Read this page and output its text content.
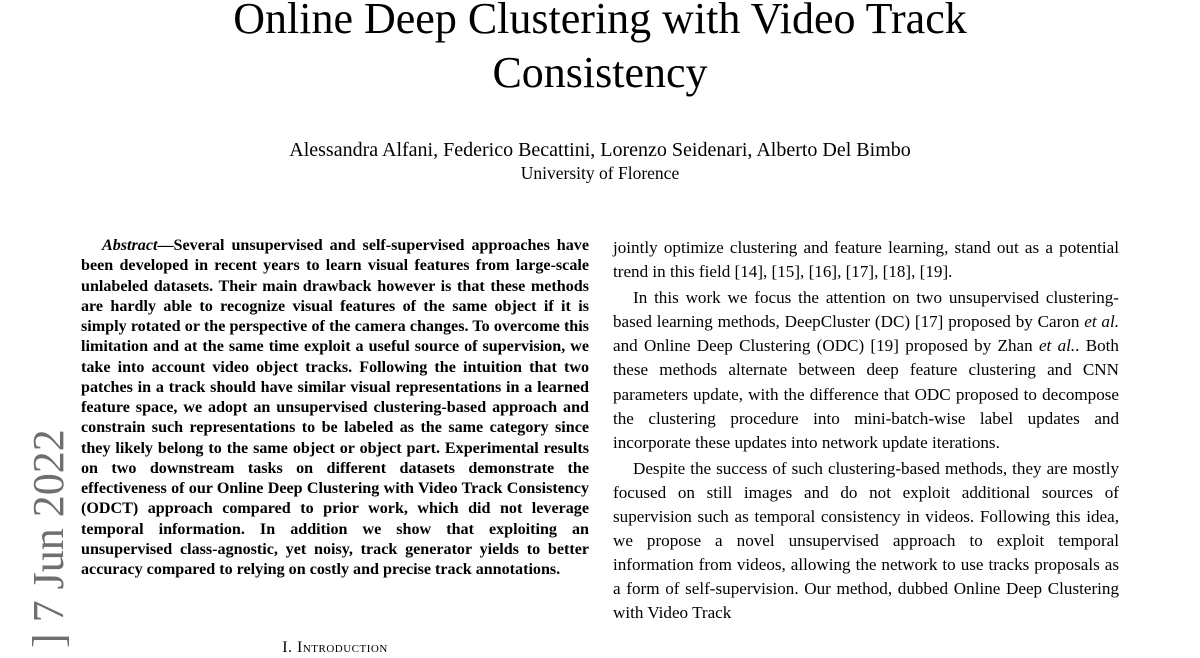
Online Deep Clustering with Video Track
Consistency
Alessandra Alfani, Federico Becattini, Lorenzo Seidenari, Alberto Del Bimbo
University of Florence
] 7 Jun 2022

Abstract — Several unsupervised and self-supervised approaches have been developed in recent years to learn visual features from large-scale unlabeled datasets. Their main drawback however is that these methods are hardly able to recognize visual features of the same object if it is simply rotated or the perspective of the camera changes. To overcome this limitation and at the same time exploit a useful source of supervision, we take into account video object tracks. Following the intuition that two patches in a track should have similar visual representations in a learned feature space, we adopt an unsupervised clustering-based approach and constrain such representations to be labeled as the same category since they likely belong to the same object or object part. Experimental results on two downstream tasks on different datasets demonstrate the effectiveness of our Online Deep Clustering with Video Track Consistency (ODCT) approach compared to prior work, which did not leverage temporal information. In addition we show that exploiting an unsupervised class-agnostic, yet noisy, track generator yields to better accuracy compared to relying on costly and precise track annotations.

I. Introduction

jointly optimize clustering and feature learning, stand out as a potential trend in this field [14], [15], [16], [17], [18], [19].

In this work we focus the attention on two unsupervised clustering-based learning methods, DeepCluster (DC) [17] proposed by Caron et al. and Online Deep Clustering (ODC) [19] proposed by Zhan et al.. Both these methods alternate between deep feature clustering and CNN parameters update, with the difference that ODC proposed to decompose the clustering procedure into mini-batch-wise label updates and incorporate these updates into network update iterations.

Despite the success of such clustering-based methods, they are mostly focused on still images and do not exploit additional sources of supervision such as temporal consistency in videos. Following this idea, we propose a novel unsupervised approach to exploit temporal information from videos, allowing the network to use tracks proposals as a form of self-supervision. Our method, dubbed Online Deep Clustering with Video Track
